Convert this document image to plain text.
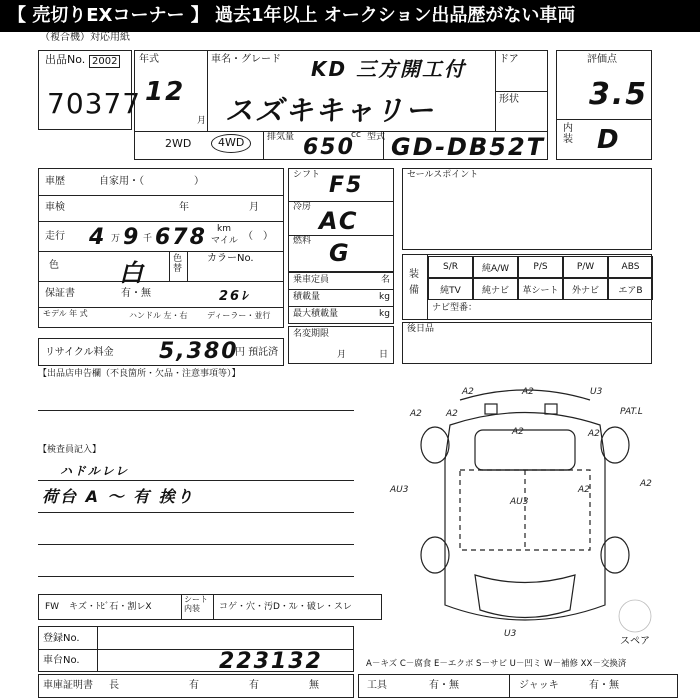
【 売切りEXコーナー 】 過去1年以上 オークション出品歴がない車両
（複合機）対応用紙
出品No. 2002
70377
年式
12
月
車名・グレード KD 三方開工付
スズキキャリー
ドア
形状
2WD	4WD	排気量 650
cc 型式 GD-DB52T
評価点
3.5
内装 D
車歴	自家用・（　　　　　）
車検	年	月
走行 4 万 9 千 678 km
マイル （　）
色	白	色替
カラーNo.
保証書	有・無	26ﾚ
モデル 年 式	ハンドル 左・右 ディーラー・並行
リサイクル料金 5,380
円 預託済
シフト F5
冷房 AC
燃料 G
乗車定員	名
積載量	kg
最大積載量	kg
名変期限
月	日
セールスポイント
装備
S/R	純A/W	P/S	P/W	ABS
純TV	純ナビ	革シート	外ナビ	エアB
ナビ型番：
後日品
【出品店申告欄（不良箇所・欠品・注意事項等）】
【検査員記入】
ハドルレレ
荷台 A ～ 有 挨り
FW キズ・ﾄﾋﾞ石・割レX
シート内装	コゲ・穴・汚D・ｽﾚ・破レ・スレ
登録No.
車台No.	223132
車庫証明書 長	有	有	無
A－キズ C－腐食 E－エクボ S－サビ U－凹ミ W－補修 XX－交換済
工具	有・無	ジャッキ	有・無
A2	A2	U3
A2	PAT.L
A2
AU3	A2
A2
AU3
A2
A2
U3
スペア
